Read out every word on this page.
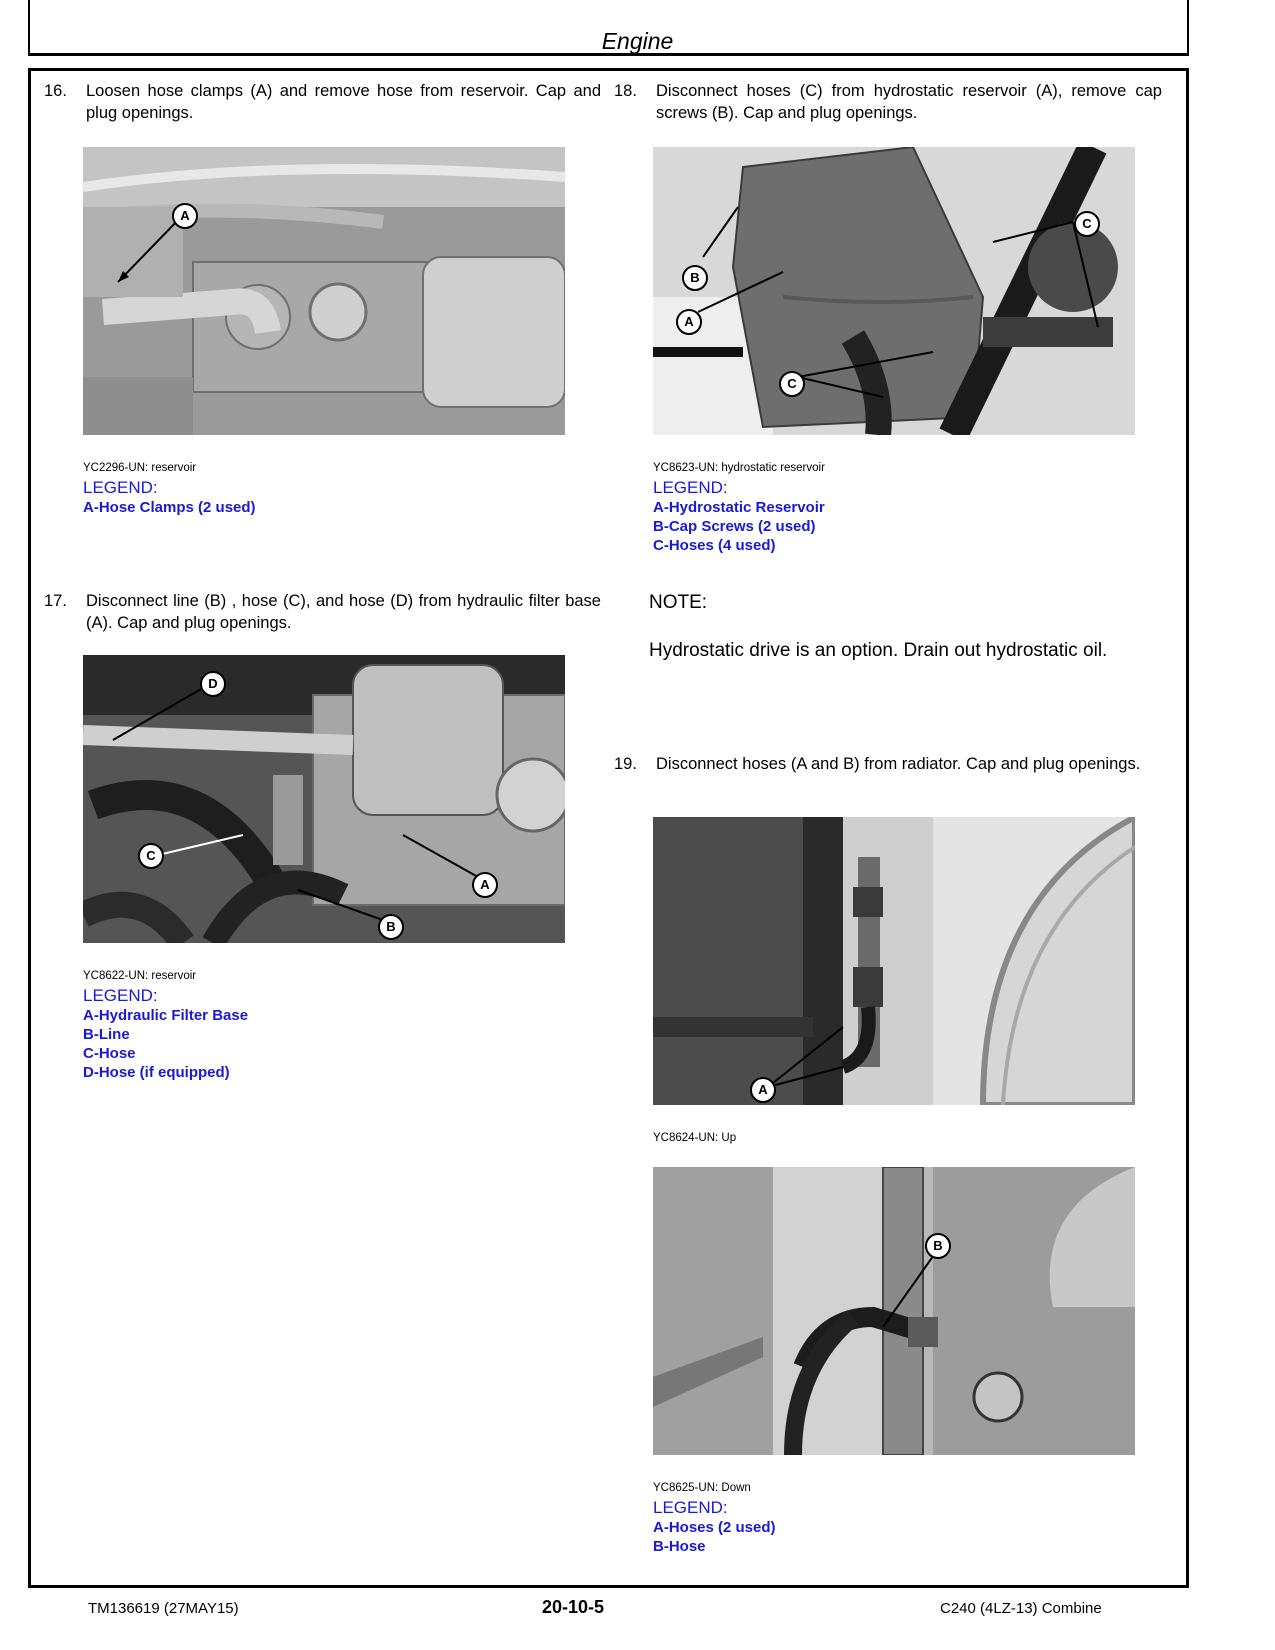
Engine
16. Loosen hose clamps (A) and remove hose from reservoir. Cap and plug openings.
A
YC2296-UN: reservoir
LEGEND:
A-Hose Clamps (2 used)
17. Disconnect line (B) , hose (C), and hose (D) from hydraulic filter base (A). Cap and plug openings.
D
C
A
B
YC8622-UN: reservoir
LEGEND:
A-Hydraulic Filter Base
B-Line
C-Hose
D-Hose (if equipped)
18. Disconnect hoses (C) from hydrostatic reservoir (A), remove cap screws (B). Cap and plug openings.
C
B
A
C
YC8623-UN: hydrostatic reservoir
LEGEND:
A-Hydrostatic Reservoir
B-Cap Screws (2 used)
C-Hoses (4 used)
NOTE:
Hydrostatic drive is an option. Drain out hydrostatic oil.
19. Disconnect hoses (A and B) from radiator. Cap and plug openings.
A
YC8624-UN: Up
B
YC8625-UN: Down
LEGEND:
A-Hoses (2 used)
B-Hose
TM136619 (27MAY15)	20-10-5	C240 (4LZ-13) Combine
